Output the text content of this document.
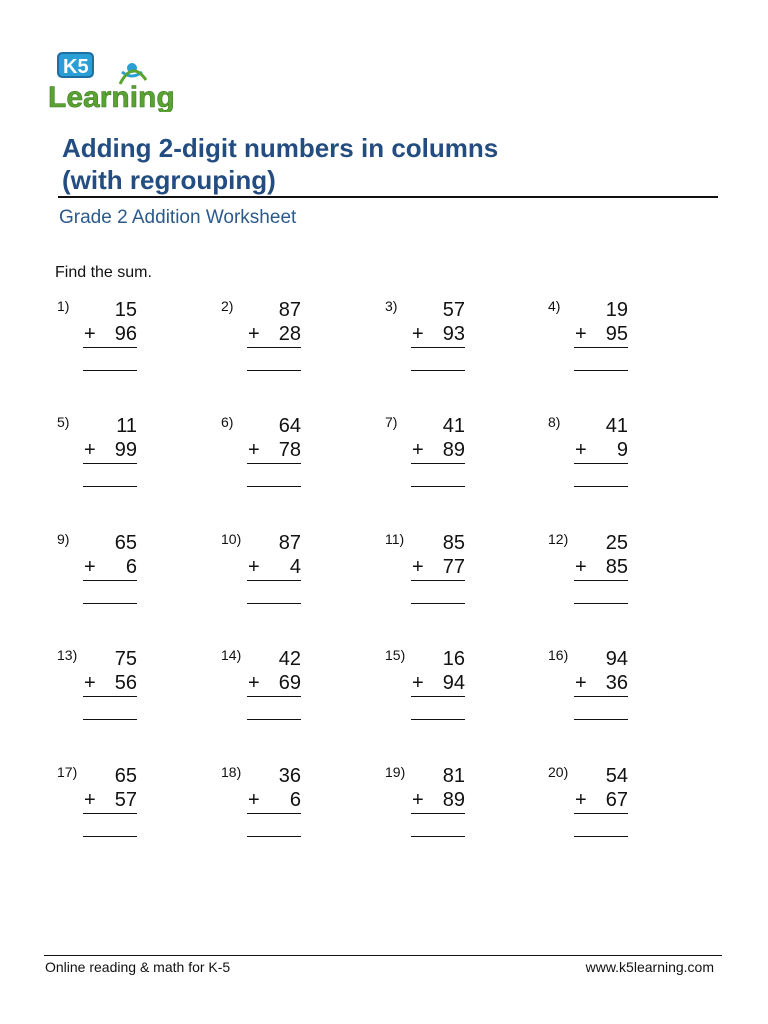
K5
Learning
Adding 2-digit numbers in columns
(with regrouping)
Grade 2 Addition Worksheet
Find the sum.
1)	15
+ 96
2)	87
+ 28
3)	57
+ 93
4)	19
+ 95
5)	11
+ 99
6)	64
+ 78
7)	41
+ 89
8)	41
+	9
9)	65
+	6
10)	87
+	4
11)	85
+ 77
12)	25
+ 85
13)	75
+ 56
14)	42
+ 69
15)	16
+ 94
16)	94
+ 36
17)	65
+ 57
18)	36
+	6
19)	81
+ 89
20)	54
+ 67
Online reading & math for K-5	www.k5learning.com
